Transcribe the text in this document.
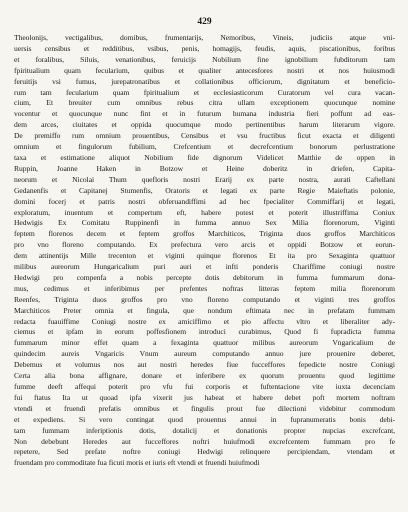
429
Theolonijs, vectigalibus, domibus, frumentarijs, Nemoribus, Vineis, judiciis atque vni-
uersis censibus et redditibus, vsibus, penis, homagijs, feudis, aquis, piscationibus, foribus
et foralibus, Siluis, venationibus, feruicijs Nobilium fine ignobilium fubditorum tam
fpiritualium quam fecularium, quibus et qualiter antecesfores nostri et nos huiusmodi
feruitijs vsi fumus, jurepatronatibus et collationibus officiorum, dignitatum et beneficio-
rum tam fecularium quam fpiritualium et ecclesiasticorum Curatorum vel cura vacan-
cium, Et breuiter cum omnibus rebus citra ullam exceptionem quocunque nomine
vocentur et quocunque nunc fint et in futurum humana industria fieri poffunt ad eas-
dem arces, ciuitates et oppida quocumque modo pertinentibus harum literarum vigore.
De premiffo rum omnium prouentibus, Censibus et vsu fructibus ficut exacta et diligenti
omnium et fingulorum fubilium, Crefcentium et decrefcentium bonorum perlustratione
taxa et estimatione aliquot Nobilium fide dignorum Videlicet Matthie de oppen in
Ruppin, Joanne Haken in Botzow et Heine doberitz in driefen, Capita-
neorum et Nicolai Thum quefloris nostri Erarij ex parte nostra, aurati Caftellani
Gedanenfis et Capitanej Stumenfis, Oratoris et legati ex parte Regie Maieftatis polonie,
domini focerj et patris nostri obferuandiffimi ad hec fpecialiter Commiffarij et legati,
exploratum, inuentum et compertum eft, habere potest et poterit illustriffima Coniux
Hedwigis Ex Comitatu Ruppinenfi in fumma annuo Sex Milia florenorum, Viginti
feptem florenos decem et feptem groffos Marchiticos, Triginta duos groffos Marchiticos
pro vno floreno computando. Ex prefectura vero arcis et oppidi Botzow et eorun-
dem attinentijs Mille trecenton et viginti quinque florenos Et ita pro Sexaginta quattuor
milibus aureorum Hungaricalium puri auri et infti ponderis Chariffime coniugi nostre
Hedwigi pro compenfa a nobis percepte dotis debitorum in fumma fummarum dona-
mus, cedimus et inferibimus per prefentes noftras litteras feptem milia florenorum
Reenfes, Triginta duos groffos pro vno floreno computando et viginti tres groffos
Marchiticos Preter omnia et fingula, que nondum eftimata nec in prefatam fummam
redacta fuauiffime Coniugi nostre ex amiciffimo et pio affectu vltro et liberaliter ady-
ciemus et ipfam in eorum poffesfionem introduci curabimus, Quod fi fupradicta fumma
fummarum minor effet quam a fexaginta quattuor milibus aureorum Vngaricalium de
quindecim aureis Vngaricis Vnum aureum computando annuo jure prouenire deberet,
Debemus et volumus nos aut nostri heredes fiue fucceffores fepedicte nostre Coniugi
Certa alia bona affignare, donare et inferibere ex quorum prouentu quod legittime
fumme deeft affequi poterit pro vfu fui corporis et fuftentacione vite iuxta decenciam
fui ftatus Ita ut quoad ipfa vixerit jus habeat et habere debet poft mortem noftram
vtendi et fruendi prefatis omnibus et fingulis prout fue dilectioni videbitur commodum
et expediens. Si vero contingat quod prouentus annui in fupranumeratis bonis debi-
tam fummam inferiptionis dotis, dotalicij et donationis propter nupcias excrefcant,
Non debebunt Heredes aut fucceffores noftri huiufmodi excrefcentem fummam pro fe
repetere, Sed prefate noftre coniugi Hedwigi relinquere percipiendam, vtendam et
fruendam pro commoditate fua ficuti moris et iuris eft vtendi et fruendi huiufmodi
